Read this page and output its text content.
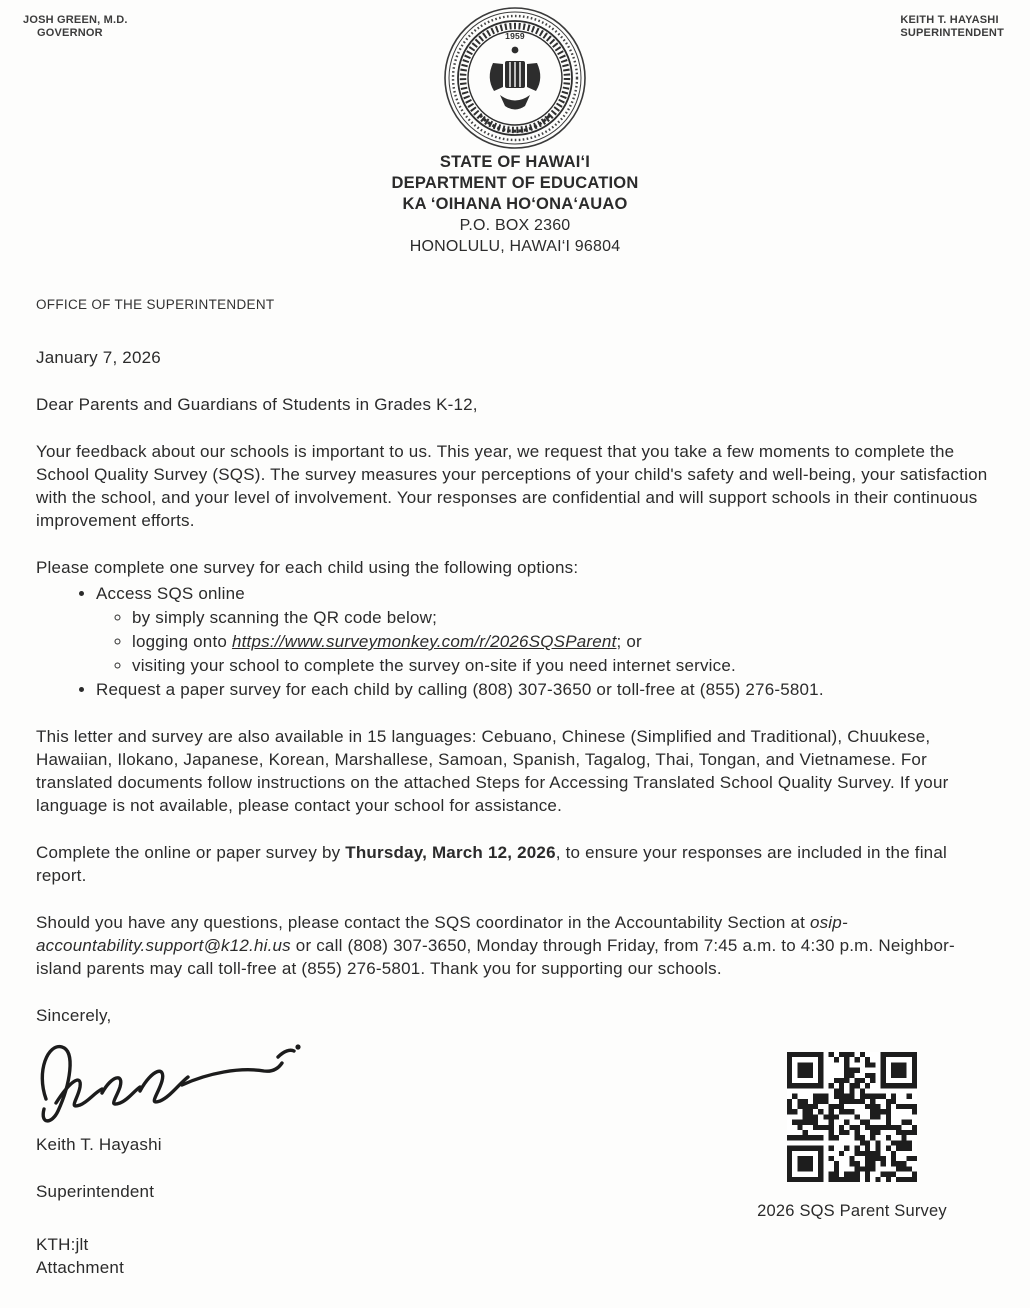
JOSH GREEN, M.D.
GOVERNOR	1959
KEITH T. HAYASHI
SUPERINTENDENT
STATE OF HAWAI‘I
DEPARTMENT OF EDUCATION
KA ‘OIHANA HO‘ONA‘AUAO
P.O. BOX 2360
HONOLULU, HAWAI‘I 96804
OFFICE OF THE SUPERINTENDENT

January 7, 2026

Dear Parents and Guardians of Students in Grades K-12,

Your feedback about our schools is important to us. This year, we request that you take a few moments to complete the School Quality Survey (SQS). The survey measures your perceptions of your child's safety and well-being, your satisfaction with the school, and your level of involvement. Your responses are confidential and will support schools in their continuous improvement efforts.

Please complete one survey for each child using the following options:

• Access SQS online
◦ by simply scanning the QR code below;
◦ logging onto https://www.surveymonkey.com/r/2026SQSParent; or
◦ visiting your school to complete the survey on-site if you need internet service.
• Request a paper survey for each child by calling (808) 307-3650 or toll-free at (855) 276-5801.

This letter and survey are also available in 15 languages: Cebuano, Chinese (Simplified and Traditional), Chuukese, Hawaiian, Ilokano, Japanese, Korean, Marshallese, Samoan, Spanish, Tagalog, Thai, Tongan, and Vietnamese. For translated documents follow instructions on the attached Steps for Accessing Translated School Quality Survey. If your language is not available, please contact your school for assistance.

Complete the online or paper survey by Thursday, March 12, 2026, to ensure your responses are included in the final report.

Should you have any questions, please contact the SQS coordinator in the Accountability Section at osip-accountability.support@k12.hi.us or call (808) 307-3650, Monday through Friday, from 7:45 a.m. to 4:30 p.m. Neighbor-island parents may call toll-free at (855) 276-5801. Thank you for supporting our schools.

Sincerely,

Keith T. Hayashi

Superintendent

KTH:jlt

Attachment

2026 SQS Parent Survey
